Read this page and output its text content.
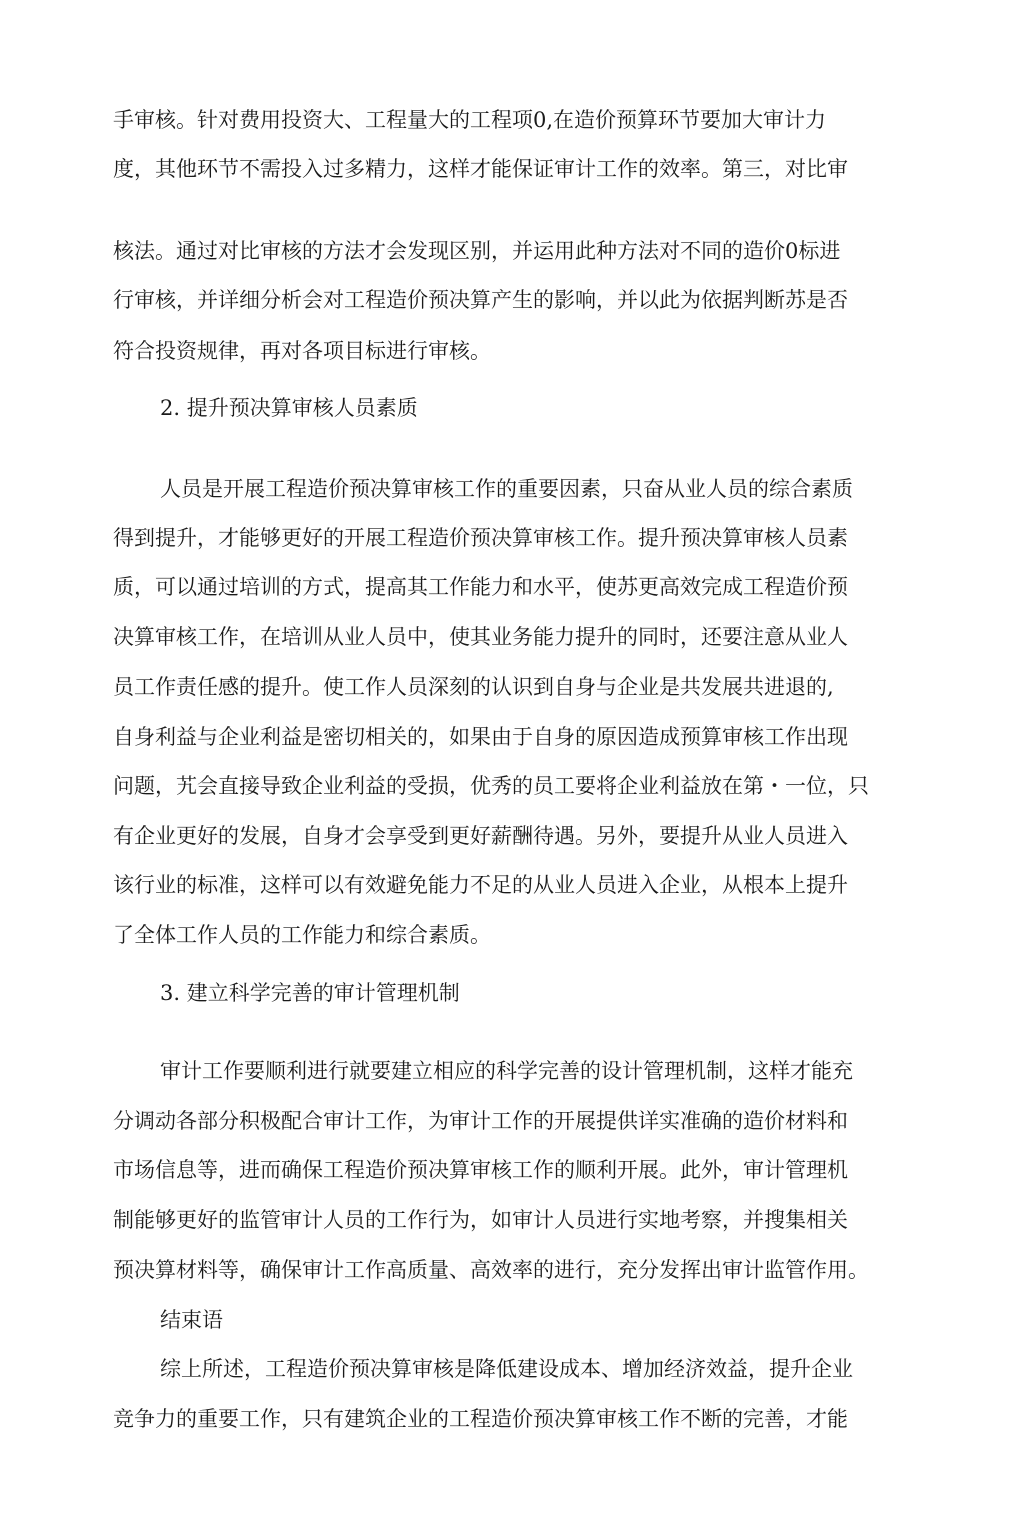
手审核。针对费用投资大、工程量大的工程项0,在造价预算环节要加大审计力
度，其他环节不需投入过多精力，这样才能保证审计工作的效率。第三，对比审
核法。通过对比审核的方法才会发现区别，并运用此种方法对不同的造价0标进
行审核，并详细分析会对工程造价预决算产生的影响，并以此为依据判断苏是否
符合投资规律，再对各项目标进行审核。
2. 提升预决算审核人员素质
人员是开展工程造价预决算审核工作的重要因素，只奋从业人员的综合素质
得到提升，才能够更好的开展工程造价预决算审核工作。提升预决算审核人员素
质，可以通过培训的方式，提高其工作能力和水平，使苏更高效完成工程造价预
决算审核工作，在培训从业人员中，使其业务能力提升的同时，还要注意从业人
员工作责任感的提升。使工作人员深刻的认识到自身与企业是共发展共进退的,
自身利益与企业利益是密切相关的，如果由于自身的原因造成预算审核工作出现
问题，艽会直接导致企业利益的受损，优秀的员工要将企业利益放在第・一位，只
有企业更好的发展，自身才会享受到更好薪酬待遇。另外，要提升从业人员进入
该行业的标准，这样可以有效避免能力不足的从业人员进入企业，从根本上提升
了全体工作人员的工作能力和综合素质。
3. 建立科学完善的审计管理机制
审计工作要顺利进行就要建立相应的科学完善的设计管理机制，这样才能充
分调动各部分积极配合审计工作，为审计工作的开展提供详实准确的造价材料和
市场信息等，进而确保工程造价预决算审核工作的顺利开展。此外，审计管理机
制能够更好的监管审计人员的工作行为，如审计人员进行实地考察，并搜集相关
预决算材料等，确保审计工作高质量、高效率的进行，充分发挥出审计监管作用。
结束语
综上所述，工程造价预决算审核是降低建设成本、增加经济效益，提升企业
竞争力的重要工作，只有建筑企业的工程造价预决算审核工作不断的完善，才能
